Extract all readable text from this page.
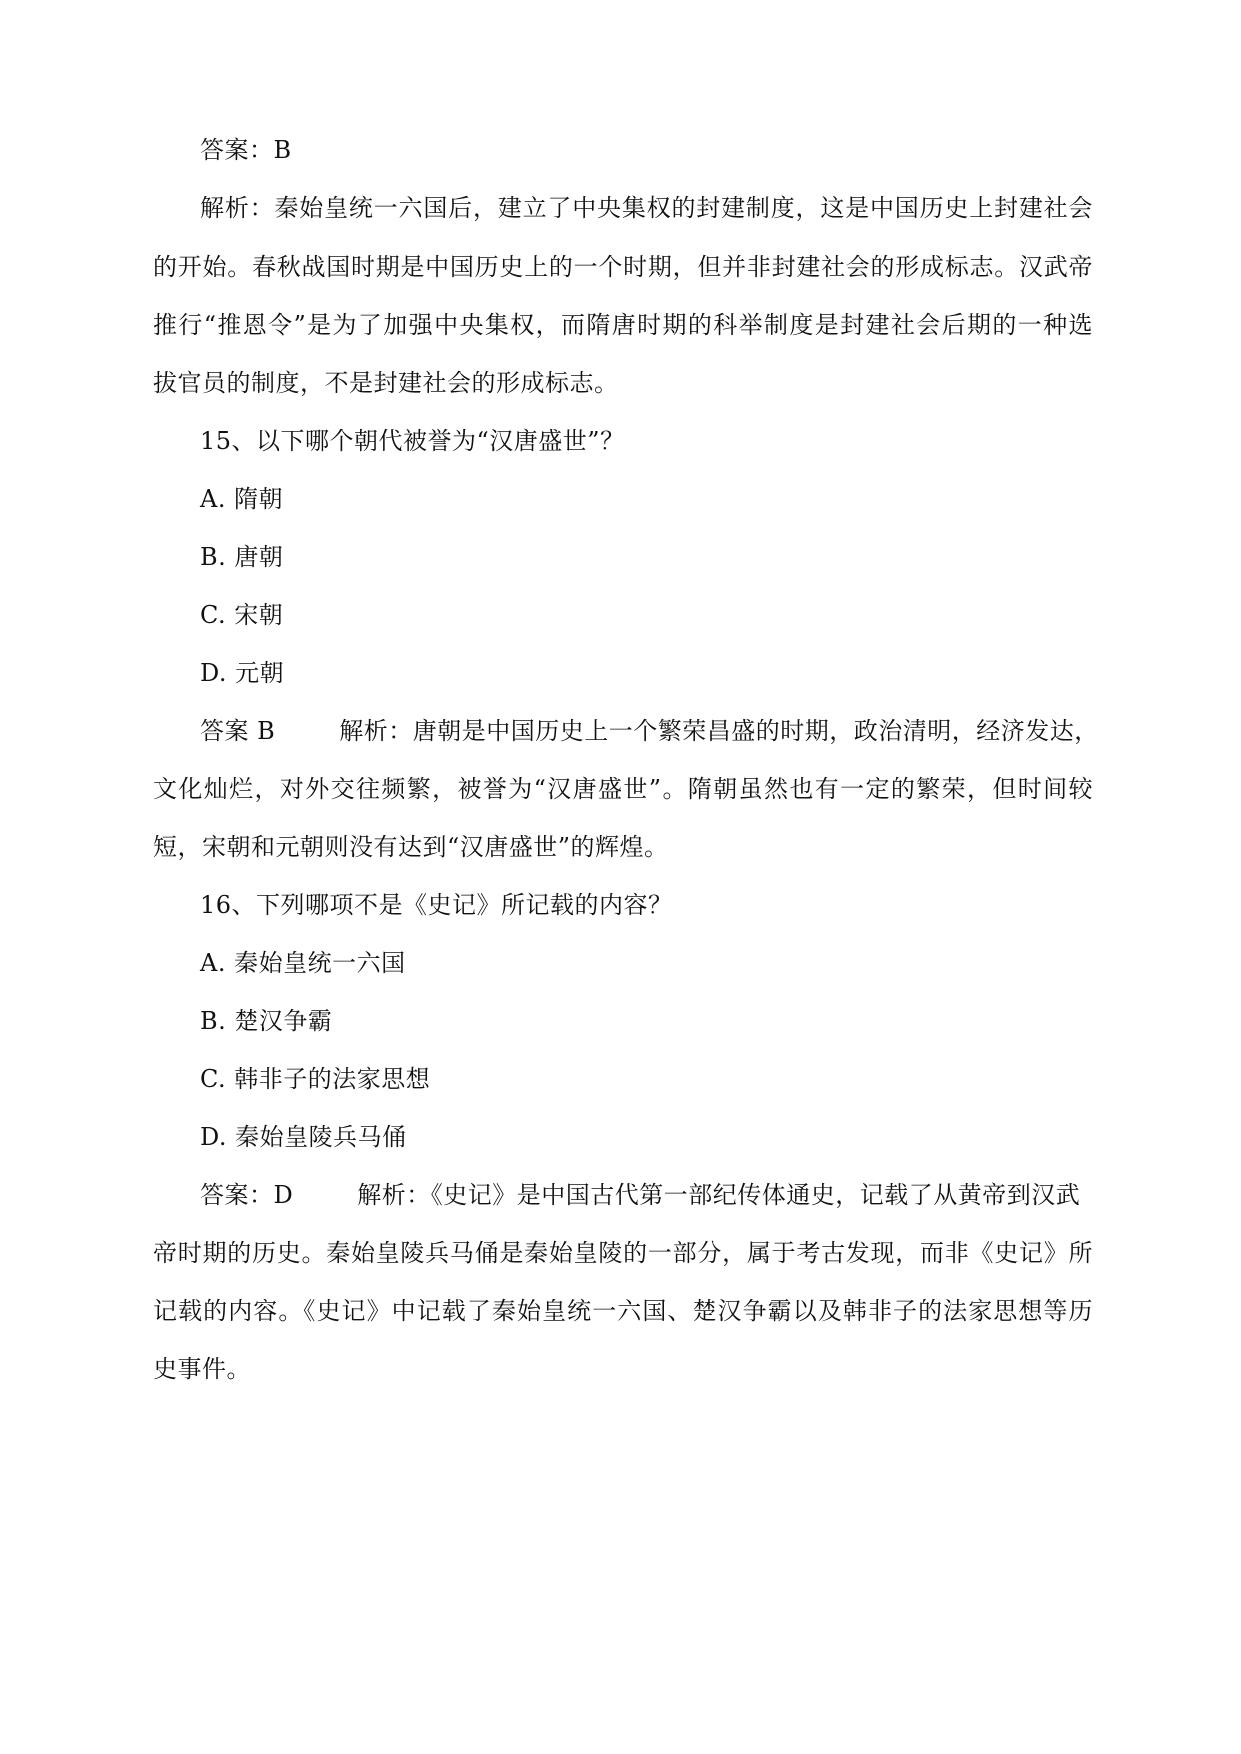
答案：B
解析：秦始皇统一六国后，建立了中央集权的封建制度，这是中国历史上封建社会
的开始。春秋战国时期是中国历史上的一个时期，但并非封建社会的形成标志。汉武帝
推行“推恩令”是为了加强中央集权，而隋唐时期的科举制度是封建社会后期的一种选
拔官员的制度，不是封建社会的形成标志。
15、以下哪个朝代被誉为“汉唐盛世”？
A. 隋朝
B. 唐朝
C. 宋朝
D. 元朝
答案 B	解析：唐朝是中国历史上一个繁荣昌盛的时期，政治清明，经济发达，
文化灿烂，对外交往频繁，被誉为“汉唐盛世”。隋朝虽然也有一定的繁荣，但时间较
短，宋朝和元朝则没有达到“汉唐盛世”的辉煌。
16、下列哪项不是《史记》所记载的内容？
A. 秦始皇统一六国
B. 楚汉争霸
C. 韩非子的法家思想
D. 秦始皇陵兵马俑
答案：D	解析：《史记》是中国古代第一部纪传体通史，记载了从黄帝到汉武
帝时期的历史。秦始皇陵兵马俑是秦始皇陵的一部分，属于考古发现，而非《史记》所
记载的内容。《史记》中记载了秦始皇统一六国、楚汉争霸以及韩非子的法家思想等历
史事件。
